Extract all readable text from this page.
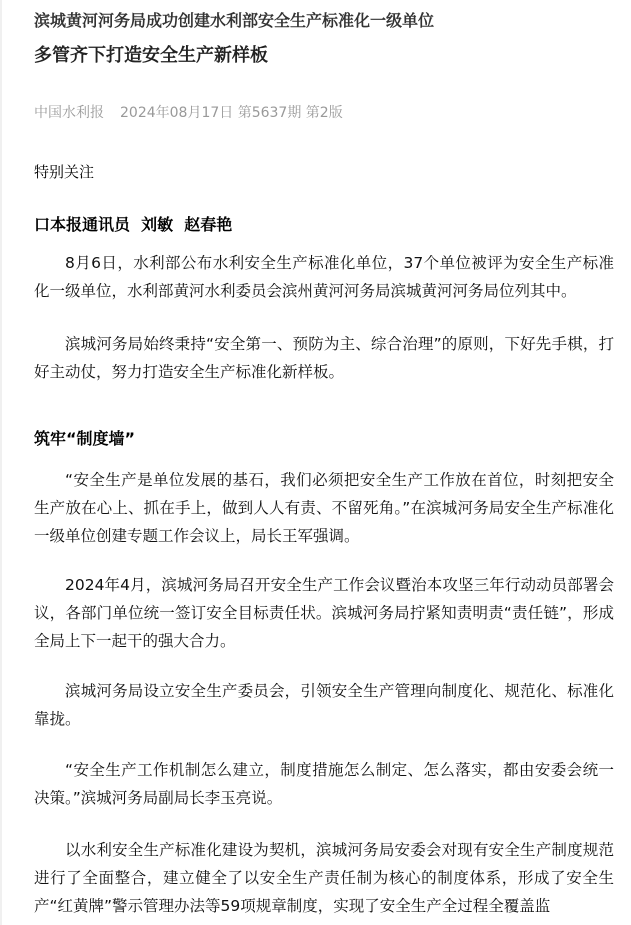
滨城黄河河务局成功创建水利部安全生产标准化一级单位
多管齐下打造安全生产新样板
中国水利报 2024年08月17日 第5637期 第2版
特别关注
口本报通讯员  刘敏  赵春艳

8月6日，水利部公布水利安全生产标准化单位，37个单位被评为安全生产标准化一级单位，水利部黄河水利委员会滨州黄河河务局滨城黄河河务局位列其中。

滨城河务局始终秉持“安全第一、预防为主、综合治理”的原则，下好先手棋，打好主动仗，努力打造安全生产标准化新样板。

筑牢“制度墙”

“安全生产是单位发展的基石，我们必须把安全生产工作放在首位，时刻把安全生产放在心上、抓在手上，做到人人有责、不留死角。”在滨城河务局安全生产标准化一级单位创建专题工作会议上，局长王军强调。

2024年4月，滨城河务局召开安全生产工作会议暨治本攻坚三年行动动员部署会议，各部门单位统一签订安全目标责任状。滨城河务局拧紧知责明责“责任链”，形成全局上下一起干的强大合力。

滨城河务局设立安全生产委员会，引领安全生产管理向制度化、规范化、标准化靠拢。

“安全生产工作机制怎么建立，制度措施怎么制定、怎么落实，都由安委会统一决策。”滨城河务局副局长李玉亮说。

以水利安全生产标准化建设为契机，滨城河务局安委会对现有安全生产制度规范进行了全面整合，建立健全了以安全生产责任制为核心的制度体系，形成了安全生产“红黄牌”警示管理办法等59项规章制度，实现了安全生产全过程全覆盖监
